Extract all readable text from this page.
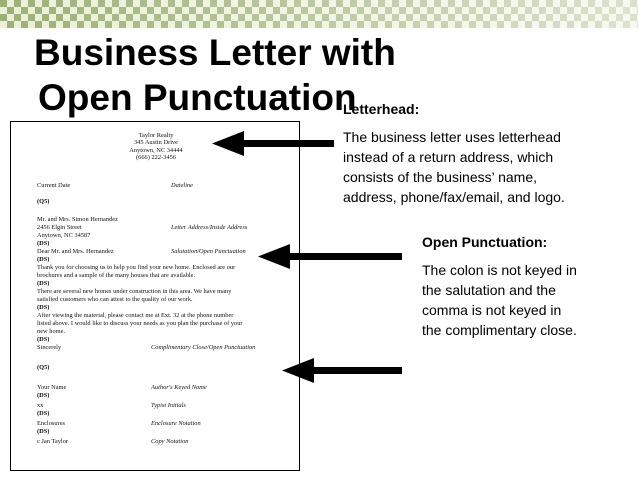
Business Letter with
Open Punctuation
Taylor Realty
345 Austin Drive
Anytown, NC 34444
(666) 222-3456
Current Date	Dateline
(Q5)
Mr. and Mrs. Simon Hernandez
2456 Elgin Street	Letter Address/Inside Address
Anytown, NC 34587
(DS)
Dear Mr. and Mrs. Hernandez	Salutation/Open Punctuation
(DS)
Thank you for choosing us to help you find your new home. Enclosed are our
brochures and a sample of the many houses that are available.
(DS)
There are several new homes under construction in this area. We have many
satisfied customers who can attest to the quality of our work.
(DS)
After viewing the material, please contact me at Ext. 32 at the phone number
listed above. I would like to discuss your needs as you plan the purchase of your
new home.
(DS)
Sincerely	Complimentary Close/Open Punctuation
(Q5)
Your Name	Author's Keyed Name
(DS)
xx	Typist Initials
(DS)
Enclosures	Enclosure Notation
(DS)
c Jan Taylor	Copy Notation
Letterhead:
The business letter uses letterhead
instead of a return address, which
consists of the business’ name,
address, phone/fax/email, and logo.
Open Punctuation:
The colon is not keyed in
the salutation and the
comma is not keyed in
the complimentary close.
